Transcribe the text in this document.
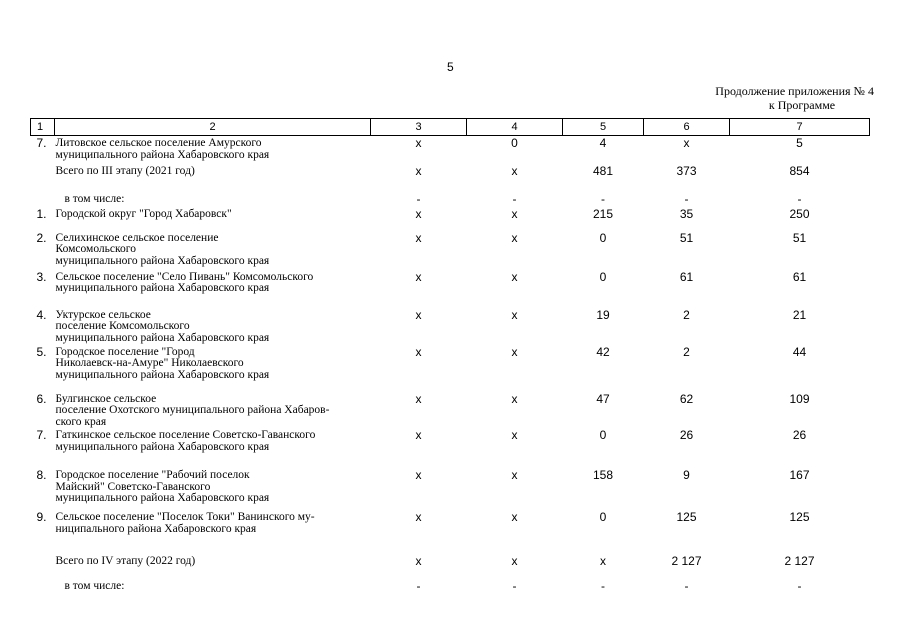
5
Продолжение приложения № 4

к Программе
1	2	3	4	5	6	7
7.	Литовское сельское поселение Амурского
муниципального района Хабаровского края	х	0	4	х	5
	Всего по III этапу (2021 год)	х	х	481	373	854
	в том числе:	-	-	-	-	-
1.	Городской округ "Город Хабаровск"	х	х	215	35	250
2.	Селихинское сельское поселение
Комсомольского
муниципального района Хабаровского края	х	х	0	51	51
3.	Сельское поселение "Село Пивань" Комсомольского
муниципального района Хабаровского края	х	х	0	61	61
4.	Уктурское сельское
поселение Комсомольского
муниципального района Хабаровского края	х	х	19	2	21
5.	Городское поселение "Город
Николаевск-на-Амуре" Николаевского
муниципального района Хабаровского края	х	х	42	2	44
6.	Булгинское сельское
поселение Охотского муниципального района Хабаров-
ского края	х	х	47	62	109
7.	Гаткинское сельское поселение Советско-Гаванского
муниципального района Хабаровского края	х	х	0	26	26
8.	Городское поселение "Рабочий поселок
Майский" Советско-Гаванского
муниципального района Хабаровского края	х	х	158	9	167
9.	Сельское поселение "Поселок Токи" Ванинского му-
ниципального района Хабаровского края	х	х	0	125	125
	Всего по IV этапу (2022 год)	х	х	х	2 127	2 127
	в том числе:	-	-	-	-	-
